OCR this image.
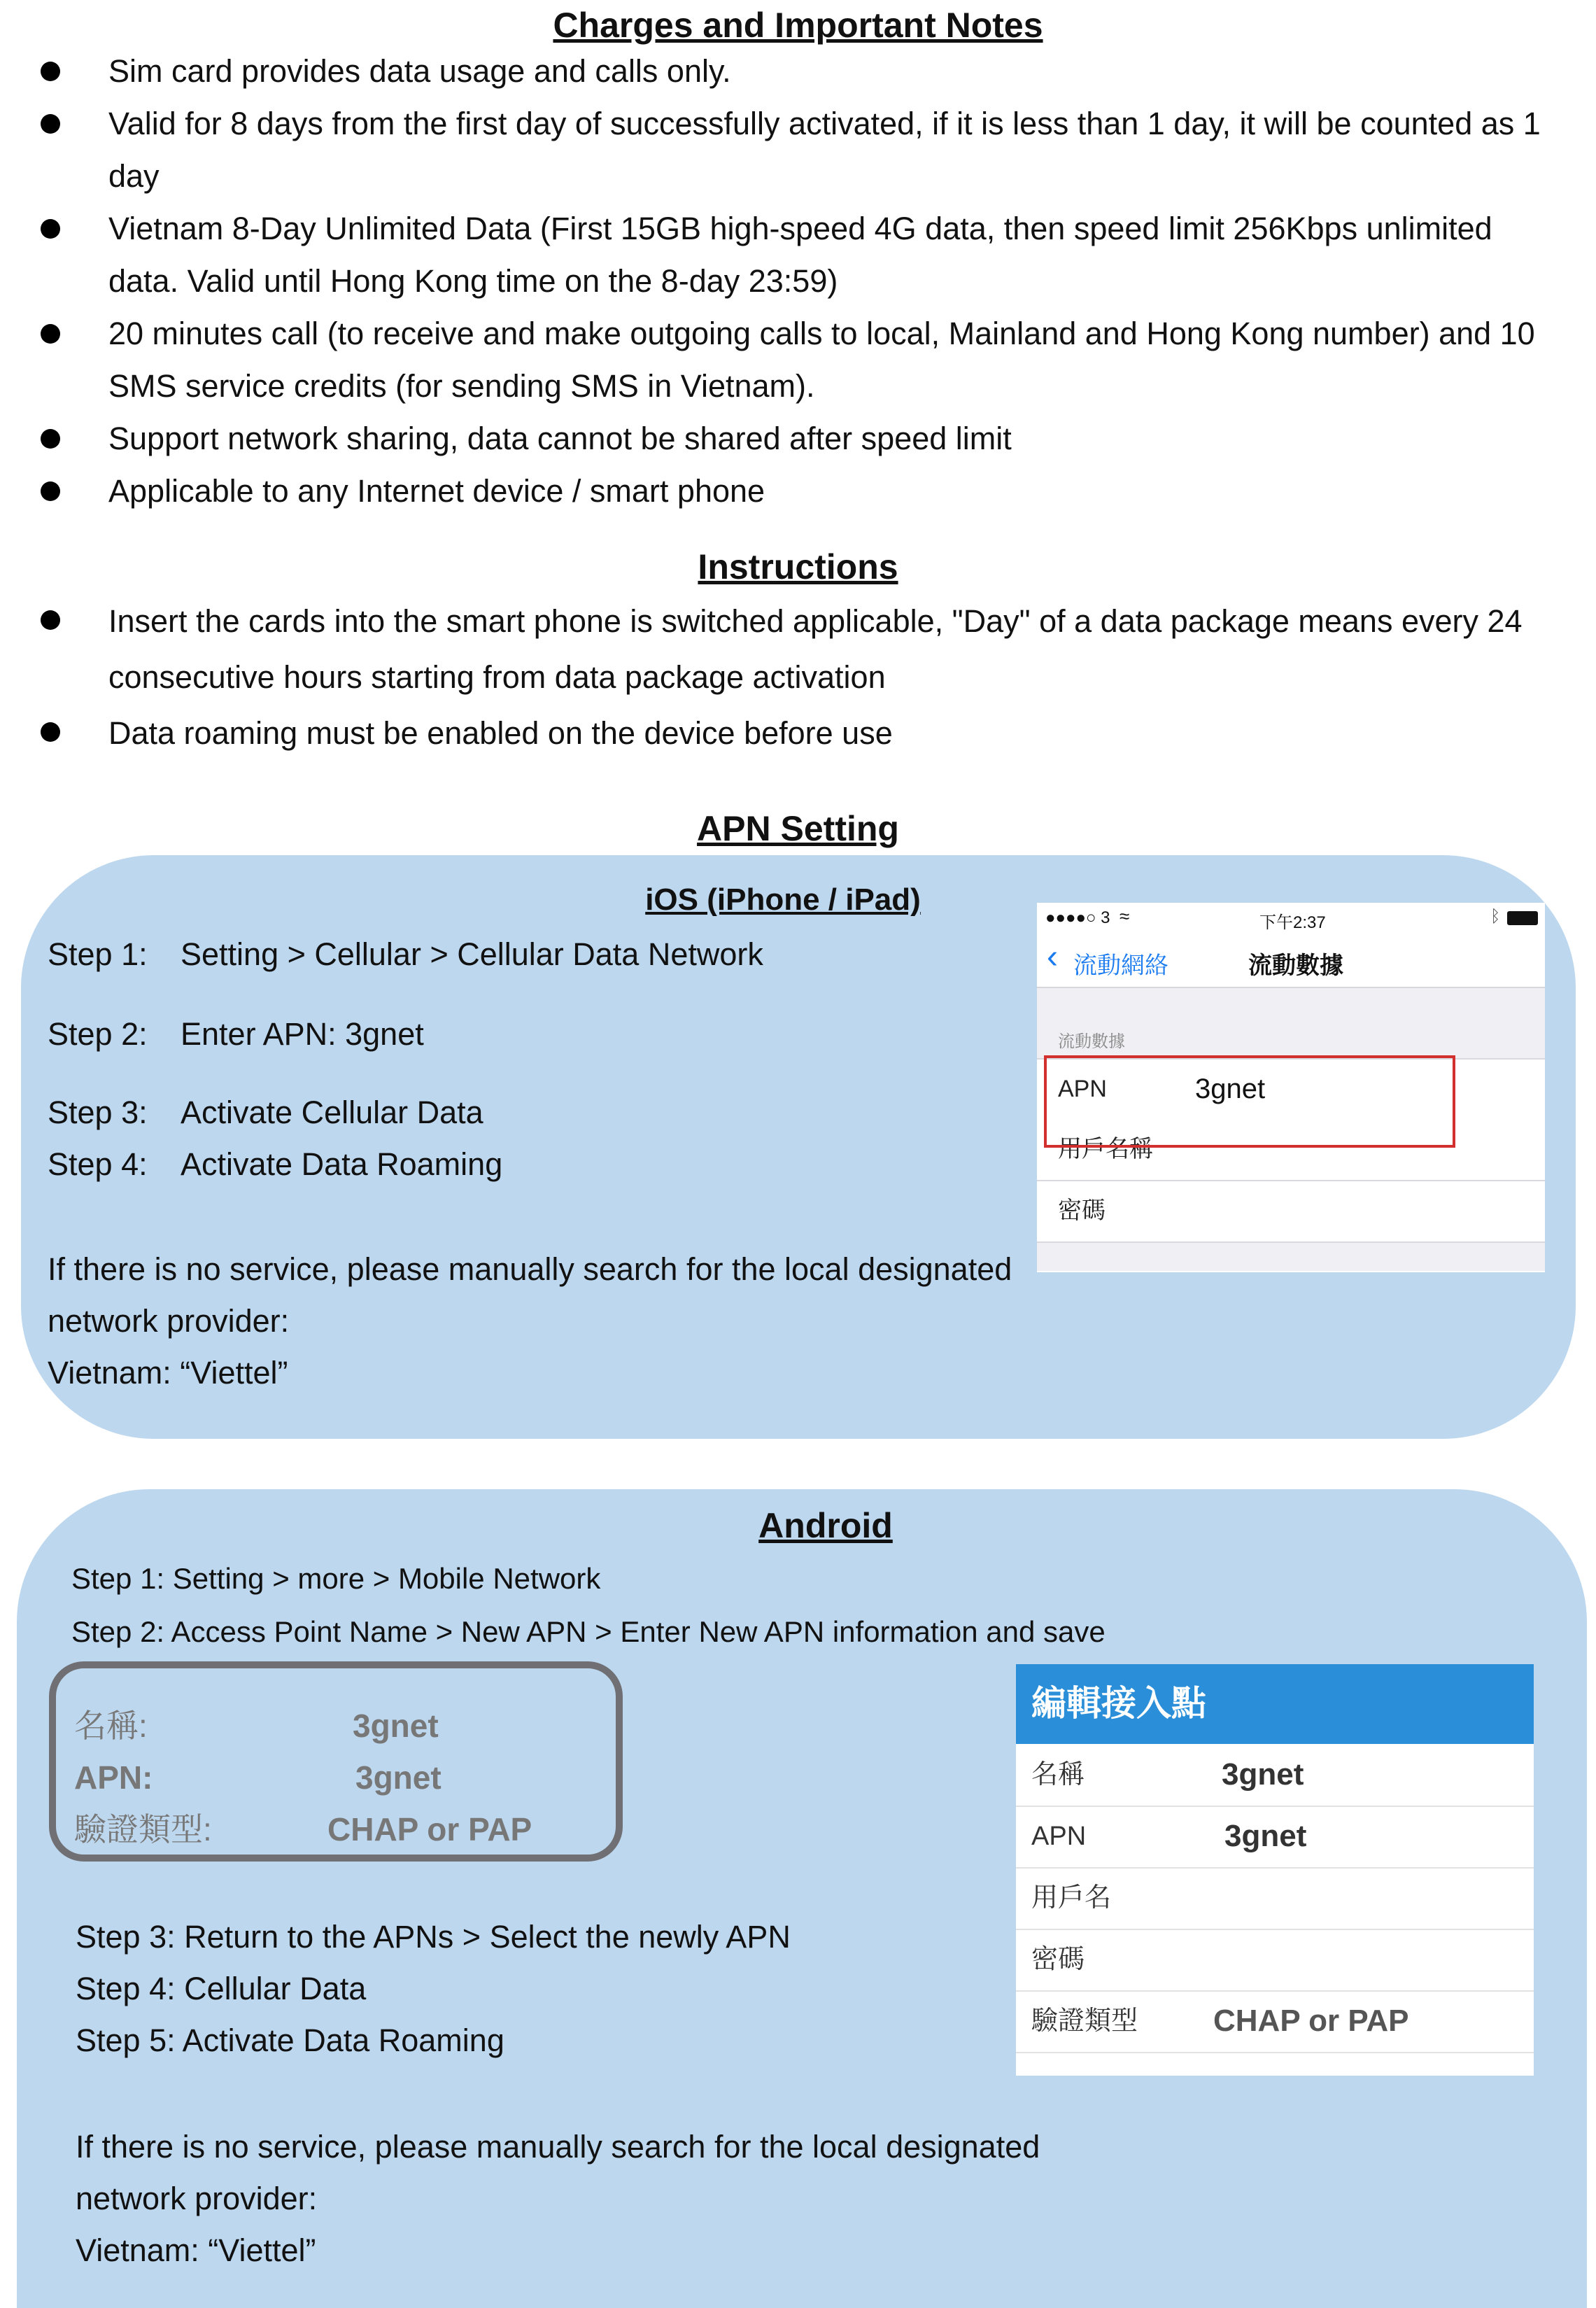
Charges and Important Notes
Sim card provides data usage and calls only.
Valid for 8 days from the first day of successfully activated, if it is less than 1 day, it will be counted as 1 day
Vietnam 8-Day Unlimited Data (First 15GB high-speed 4G data, then speed limit 256Kbps unlimited data. Valid until Hong Kong time on the 8-day 23:59)
20 minutes call (to receive and make outgoing calls to local, Mainland and Hong Kong number) and 10 SMS service credits (for sending SMS in Vietnam).
Support network sharing, data cannot be shared after speed limit
Applicable to any Internet device / smart phone
Instructions
Insert the cards into the smart phone is switched applicable, "Day" of a data package means every 24 consecutive hours starting from data package activation
Data roaming must be enabled on the device before use
APN Setting
iOS (iPhone / iPad)
Step 1: Setting > Cellular > Cellular Data Network
Step 2: Enter APN: 3gnet
Step 3: Activate Cellular Data
Step 4: Activate Data Roaming
If there is no service, please manually search for the local designated
network provider:
Vietnam: “Viettel”
●●●●○ 3 ≈	下午2:37	ᛒ
‹ 流動網絡	流動數據
流動數據
APN	3gnet
用戶名稱
密碼
Android
Step 1: Setting > more > Mobile Network
Step 2: Access Point Name > New APN > Enter New APN information and save
名稱:	3gnet
APN:	3gnet
驗證類型:	CHAP or PAP
Step 3: Return to the APNs > Select the newly APN
Step 4: Cellular Data
Step 5: Activate Data Roaming
If there is no service, please manually search for the local designated
network provider:
Vietnam: “Viettel”
編輯接入點
名稱	3gnet
APN	3gnet
用戶名
密碼
驗證類型 CHAP or PAP
